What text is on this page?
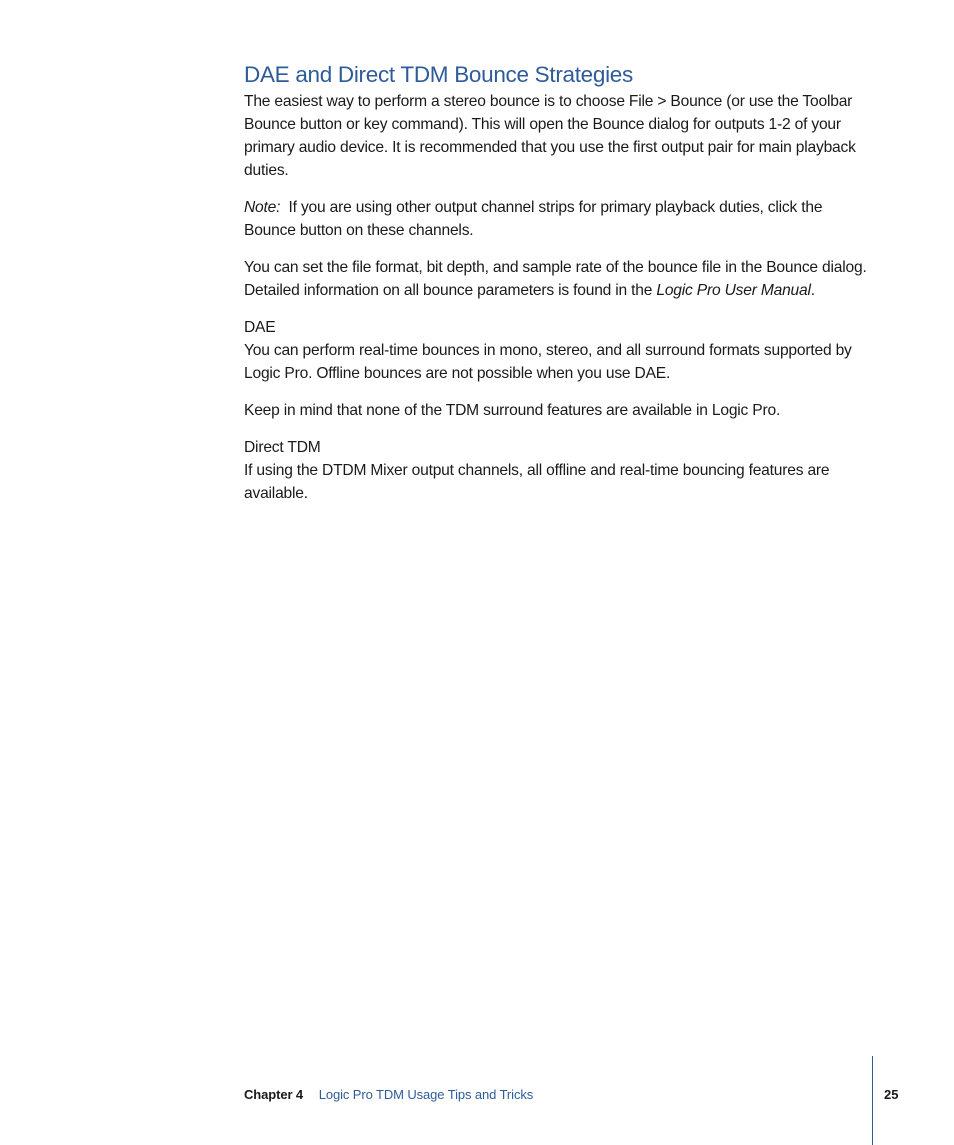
DAE and Direct TDM Bounce Strategies

The easiest way to perform a stereo bounce is to choose File > Bounce (or use the Toolbar Bounce button or key command). This will open the Bounce dialog for outputs 1-2 of your primary audio device. It is recommended that you use the first output pair for main playback duties.

Note: If you are using other output channel strips for primary playback duties, click the Bounce button on these channels.

You can set the file format, bit depth, and sample rate of the bounce file in the Bounce dialog. Detailed information on all bounce parameters is found in the Logic Pro User Manual.

DAE

You can perform real-time bounces in mono, stereo, and all surround formats supported by Logic Pro. Offline bounces are not possible when you use DAE.

Keep in mind that none of the TDM surround features are available in Logic Pro.

Direct TDM

If using the DTDM Mixer output channels, all offline and real-time bouncing features are available.

Chapter 4 Logic Pro TDM Usage Tips and Tricks	25
